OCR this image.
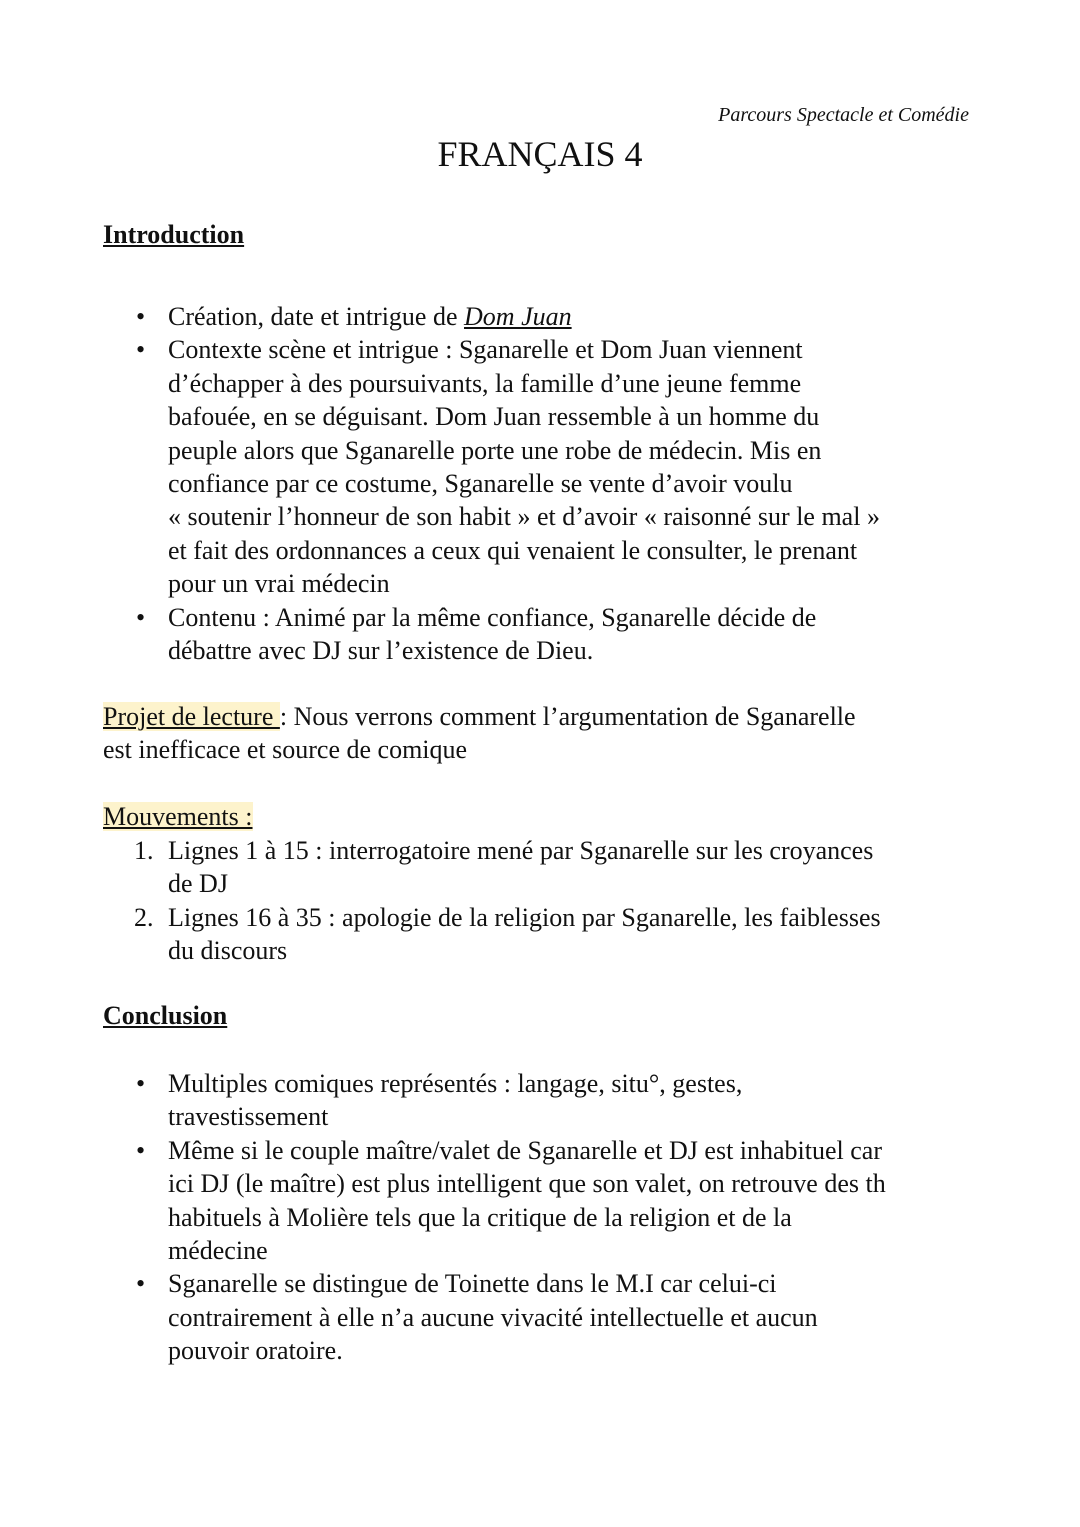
Parcours Spectacle et Comédie
FRANÇAIS 4
Introduction
• Création, date et intrigue de Dom Juan
• Contexte scène et intrigue : Sganarelle et Dom Juan viennent
d’échapper à des poursuivants, la famille d’une jeune femme
bafouée, en se déguisant. Dom Juan ressemble à un homme du
peuple alors que Sganarelle porte une robe de médecin. Mis en
confiance par ce costume, Sganarelle se vente d’avoir voulu
« soutenir l’honneur de son habit » et d’avoir « raisonné sur le mal »
et fait des ordonnances a ceux qui venaient le consulter, le prenant
pour un vrai médecin
• Contenu : Animé par la même confiance, Sganarelle décide de
débattre avec DJ sur l’existence de Dieu.
Projet de lecture : Nous verrons comment l’argumentation de Sganarelle
est inefficace et source de comique
Mouvements :
1. Lignes 1 à 15 : interrogatoire mené par Sganarelle sur les croyances
de DJ
2. Lignes 16 à 35 : apologie de la religion par Sganarelle, les faiblesses
du discours
Conclusion
• Multiples comiques représentés : langage, situ°, gestes,
travestissement
• Même si le couple maître/valet de Sganarelle et DJ est inhabituel car
ici DJ (le maître) est plus intelligent que son valet, on retrouve des th
habituels à Molière tels que la critique de la religion et de la
médecine
• Sganarelle se distingue de Toinette dans le M.I car celui-ci
contrairement à elle n’a aucune vivacité intellectuelle et aucun
pouvoir oratoire.
